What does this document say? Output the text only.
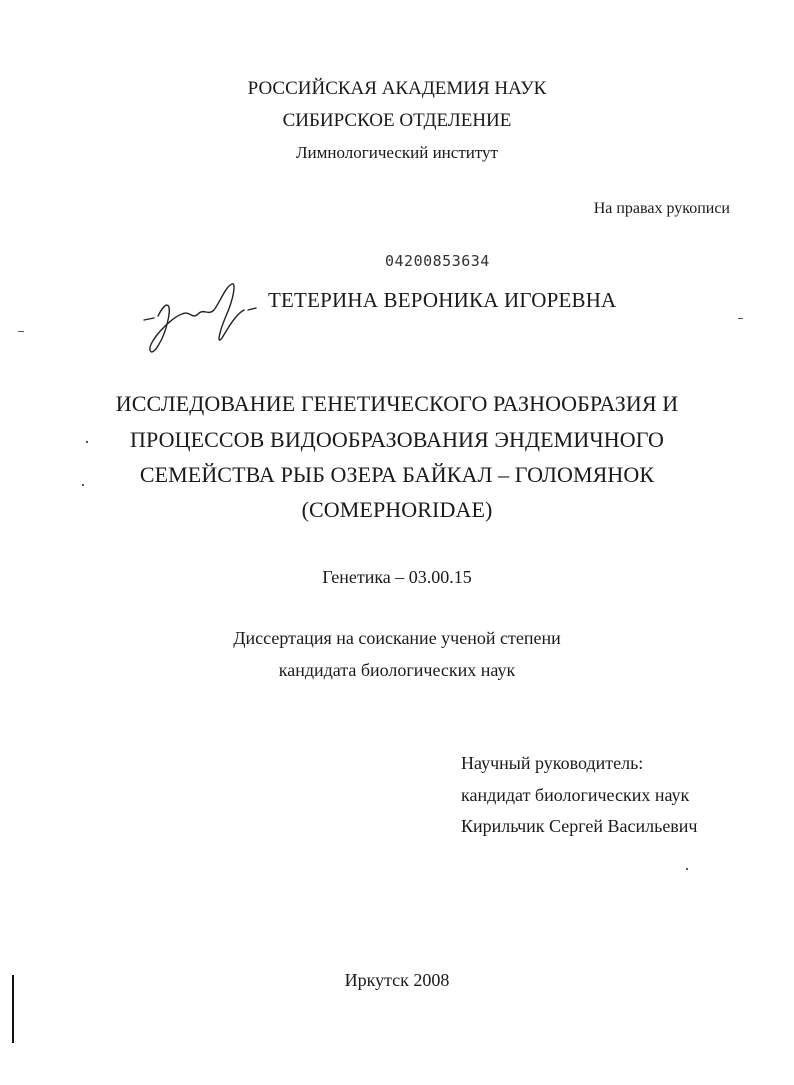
РОССИЙСКАЯ АКАДЕМИЯ НАУК
СИБИРСКОЕ ОТДЕЛЕНИЕ
Лимнологический институт
На правах рукописи
04200853634
ТЕТЕРИНА ВЕРОНИКА ИГОРЕВНА
ИССЛЕДОВАНИЕ ГЕНЕТИЧЕСКОГО РАЗНООБРАЗИЯ И
ПРОЦЕССОВ ВИДООБРАЗОВАНИЯ ЭНДЕМИЧНОГО
СЕМЕЙСТВА РЫБ ОЗЕРА БАЙКАЛ – ГОЛОМЯНОК
(COMEPHORIDAE)
Генетика – 03.00.15
Диссертация на соискание ученой степени
кандидата биологических наук
Научный руководитель:
кандидат биологических наук
Кирильчик Сергей Васильевич
Иркутск 2008
